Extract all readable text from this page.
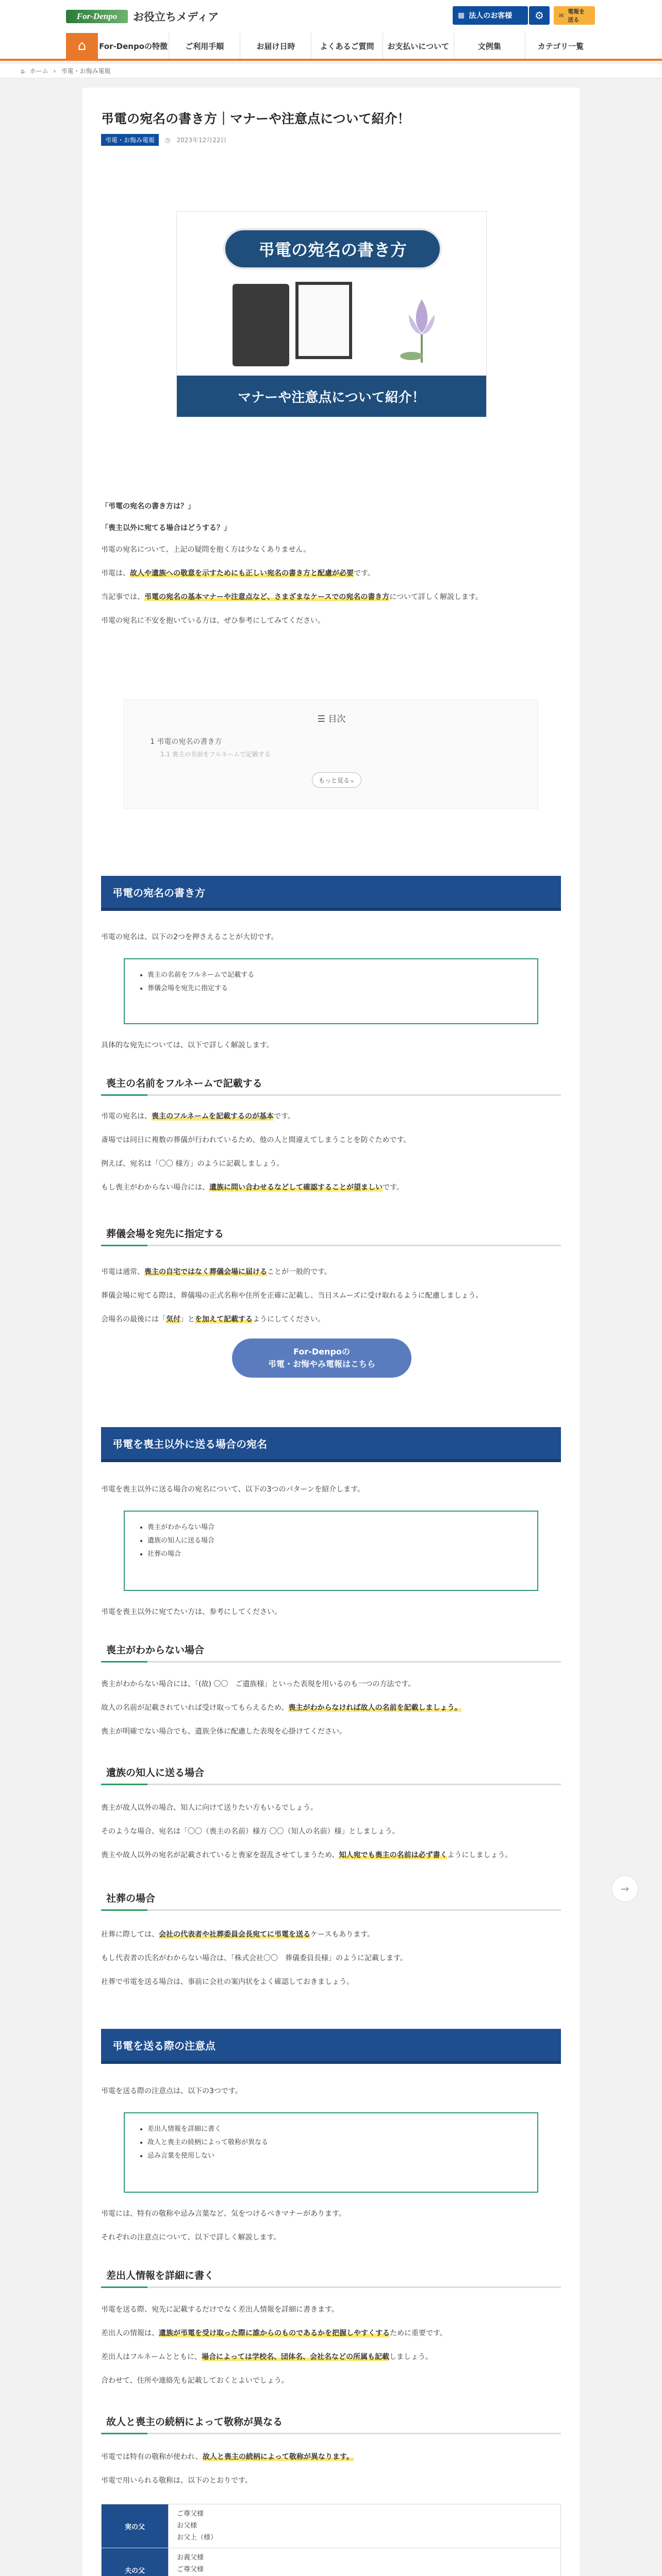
For-Denpo	お役立ちメディア	▦ 法人のお客様 ⚙	✉
電報を送る
⌂	For-Denpoの特徴	ご利用手順	お届け日時	よくあるご質問	お支払いについて	文例集	カテゴリ一覧
⌂ ホーム › 弔電・お悔み電報
弔電の宛名の書き方｜マナーや注意点について紹介！
弔電・お悔み電報	◷ 2023年12月22日
弔電の宛名の書き方
マナーや注意点について紹介！

「弔電の宛名の書き方は？」

「喪主以外に宛てる場合はどうする？」

弔電の宛名について、上記の疑問を抱く方は少なくありません。

弔電は、故人や遺族への敬意を示すためにも正しい宛名の書き方と配慮が必要です。

当記事では、弔電の宛名の基本マナーや注意点など、さまざまなケースでの宛名の書き方について詳しく解説します。

弔電の宛名に不安を抱いている方は、ぜひ参考にしてみてください。

☰ 目次
1 弔電の宛名の書き方
1.1 喪主の名前をフルネームで記載する
もっと見る ⌄
弔電の宛名の書き方

弔電の宛名は、以下の2つを押さえることが大切です。

• 喪主の名前をフルネームで記載する
• 葬儀会場を宛先に指定する

具体的な宛先については、以下で詳しく解説します。

喪主の名前をフルネームで記載する

弔電の宛名は、喪主のフルネームを記載するのが基本です。

斎場では同日に複数の葬儀が行われているため、他の人と間違えてしまうことを防ぐためです。

例えば、宛名は「〇〇 様方」のように記載しましょう。

もし喪主がわからない場合には、遺族に問い合わせるなどして確認することが望ましいです。

葬儀会場を宛先に指定する

弔電は通常、喪主の自宅ではなく葬儀会場に届けることが一般的です。

葬儀会場に宛てる際は、葬儀場の正式名称や住所を正確に記載し、当日スムーズに受け取れるように配慮しましょう。

会場名の最後には「気付」とを加えて記載するようにしてください。

For-Denpoの
弔電・お悔やみ電報はこちら
弔電を喪主以外に送る場合の宛名

弔電を喪主以外に送る場合の宛名について、以下の3つのパターンを紹介します。

• 喪主がわからない場合
• 遺族の知人に送る場合
• 社葬の場合

弔電を喪主以外に宛てたい方は、参考にしてください。

喪主がわからない場合

喪主がわからない場合には、「(故) 〇〇　ご遺族様」といった表現を用いるのも一つの方法です。

故人の名前が記載されていれば受け取ってもらえるため、喪主がわからなければ故人の名前を記載しましょう。

喪主が明確でない場合でも、遺族全体に配慮した表現を心掛けてください。

遺族の知人に送る場合

喪主が故人以外の場合、知人に向けて送りたい方もいるでしょう。

そのような場合、宛名は「〇〇（喪主の名前）様方 〇〇（知人の名前）様」としましょう。

喪主や故人以外の宛名が記載されていると喪家を混乱させてしまうため、知人宛でも喪主の名前は必ず書くようにしましょう。

社葬の場合

社葬に際しては、会社の代表者や社葬委員会長宛てに弔電を送るケースもあります。

もし代表者の氏名がわからない場合は、「株式会社〇〇　葬儀委員長様」のように記載します。

社葬で弔電を送る場合は、事前に会社の案内状をよく確認しておきましょう。

弔電を送る際の注意点

弔電を送る際の注意点は、以下の3つです。

• 差出人情報を詳細に書く
• 故人と喪主の続柄によって敬称が異なる
• 忌み言葉を使用しない

弔電には、特有の敬称や忌み言葉など、気をつけるべきマナーがあります。

それぞれの注意点について、以下で詳しく解説します。

差出人情報を詳細に書く

弔電を送る際、宛先に記載するだけでなく差出人情報を詳細に書きます。

差出人の情報は、遺族が弔電を受け取った際に誰からのものであるかを把握しやすくするために重要です。

差出人はフルネームとともに、場合によっては学校名、団体名、会社名などの所属も記載しましょう。

合わせて、住所や連絡先も記載しておくとよいでしょう。

故人と喪主の続柄によって敬称が異なる

弔電では特有の敬称が使われ、故人と喪主の続柄によって敬称が異なります。

弔電で用いられる敬称は、以下のとおりです。

実の父	ご尊父様
お父様
お父上（様）

夫の父	お義父様
ご尊父様

→
